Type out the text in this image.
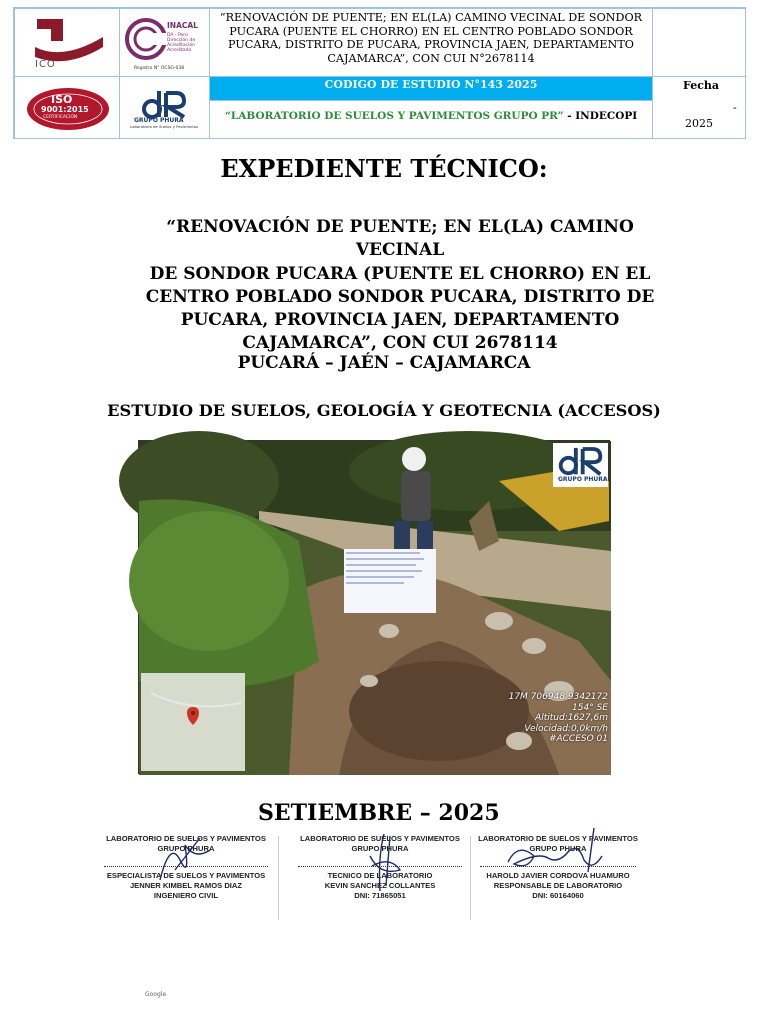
ICO
INACAL
DA - Perú Dirección de Acreditación Acreditado
Registro N° OCSG-038
“RENOVACIÓN DE PUENTE; EN EL(LA) CAMINO VECINAL DE SONDOR PUCARA (PUENTE EL CHORRO) EN EL CENTRO POBLADO SONDOR PUCARA, DISTRITO DE PUCARA, PROVINCIA JAEN, DEPARTAMENTO CAJAMARCA”, CON CUI N°2678114
ISO
9001:2015
CERTIFICACIÓN	GRUPO PHURA
Laboratorio de Suelos y Pavimentos
CODIGO DE ESTUDIO N°143 2025
“LABORATORIO DE SUELOS Y PAVIMENTOS GRUPO PR” - INDECOPI
Fecha
-
2025
EXPEDIENTE TÉCNICO:
“RENOVACIÓN DE PUENTE; EN EL(LA) CAMINO VECINAL
DE SONDOR PUCARA (PUENTE EL CHORRO) EN EL
CENTRO POBLADO SONDOR PUCARA, DISTRITO DE
PUCARA, PROVINCIA JAEN, DEPARTAMENTO
CAJAMARCA”, CON CUI 2678114
PUCARÁ – JAÉN – CAJAMARCA
ESTUDIO DE SUELOS, GEOLOGÍA Y GEOTECNIA (ACCESOS)
GRUPO PHURA
Google
17M 706948 9342172
154° SE
Altitud:1627,6m
Velocidad:0,0km/h
#ACCESO 01
SETIEMBRE – 2025
LABORATORIO DE SUELOS Y PAVIMENTOS
GRUPO PHURA
ESPECIALISTA DE SUELOS Y PAVIMENTOS
JENNER KIMBEL RAMOS DIAZ
INGENIERO CIVIL
LABORATORIO DE SUELOS Y PAVIMENTOS
GRUPO PHURA
TECNICO DE LABORATORIO
KEVIN SANCHEZ COLLANTES
DNI: 71865051
LABORATORIO DE SUELOS Y PAVIMENTOS
GRUPO PHURA
HAROLD JAVIER CORDOVA HUAMURO
RESPONSABLE DE LABORATORIO
DNI: 60164060
